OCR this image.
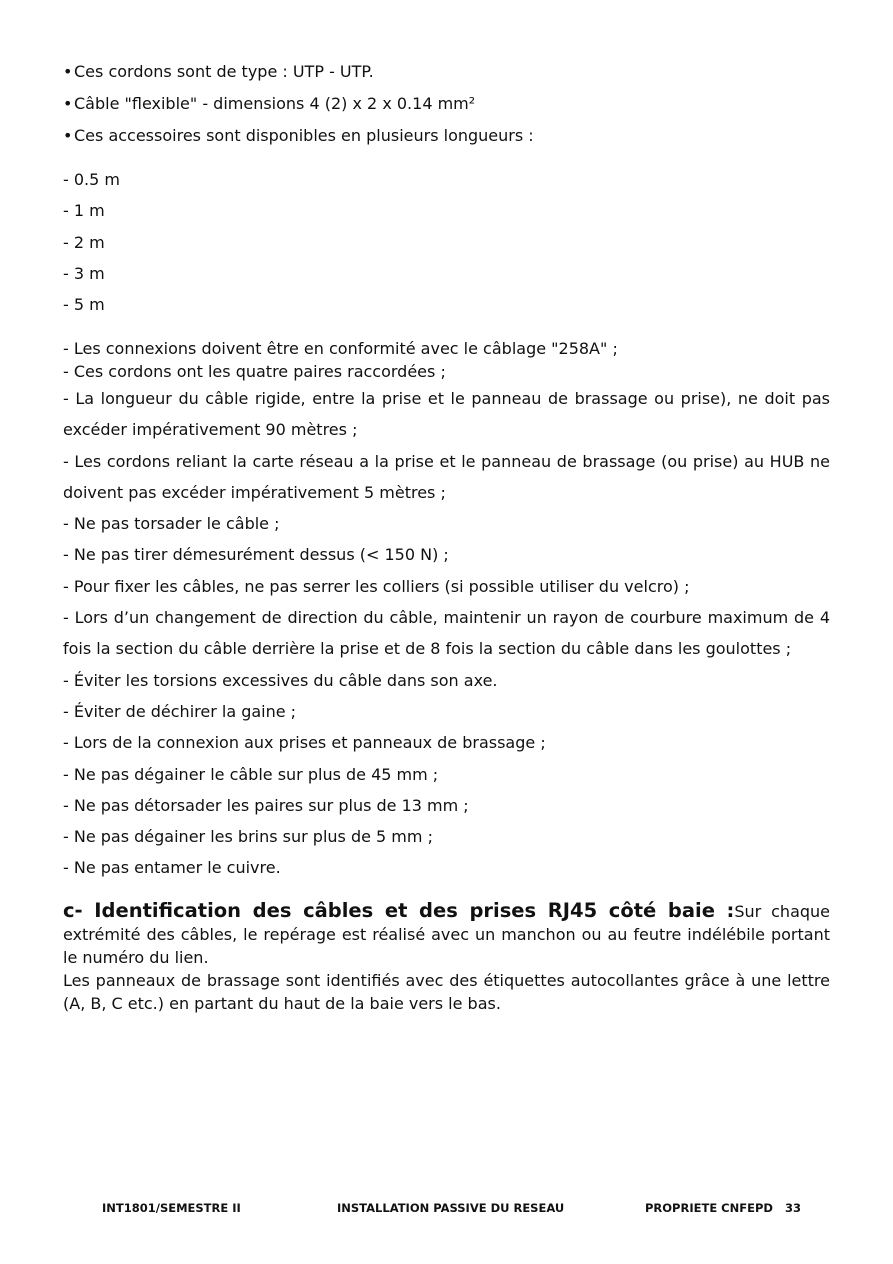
•Ces cordons sont de type : UTP - UTP.
•Câble "flexible" - dimensions 4 (2) x 2 x 0.14 mm²
•Ces accessoires sont disponibles en plusieurs longueurs :
- 0.5 m
- 1 m
- 2 m
- 3 m
- 5 m
- Les connexions doivent être en conformité avec le câblage "258A" ;
- Ces cordons ont les quatre paires raccordées ;
- La longueur du câble rigide, entre la prise et le panneau de brassage ou prise), ne doit pas excéder impérativement 90 mètres ;
- Les cordons reliant la carte réseau a la prise et le panneau de brassage (ou prise) au HUB ne doivent pas excéder impérativement 5 mètres ;
- Ne pas torsader le câble ;
- Ne pas tirer démesurément dessus (< 150 N) ;
- Pour fixer les câbles, ne pas serrer les colliers (si possible utiliser du velcro) ;
- Lors d’un changement de direction du câble, maintenir un rayon de courbure maximum de 4 fois la section du câble derrière la prise et de 8 fois la section du câble dans les goulottes ;
- Éviter les torsions excessives du câble dans son axe.
- Éviter de déchirer la gaine ;
- Lors de la connexion aux prises et panneaux de brassage ;
- Ne pas dégainer le câble sur plus de 45 mm ;
- Ne pas détorsader les paires sur plus de 13 mm ;
- Ne pas dégainer les brins sur plus de 5 mm ;
- Ne pas entamer le cuivre.
c- Identification des câbles et des prises RJ45 côté baie :Sur chaque extrémité des câbles, le repérage est réalisé avec un manchon ou au feutre indélébile portant le numéro du lien.
Les panneaux de brassage sont identifiés avec des étiquettes autocollantes grâce à une lettre (A, B, C etc.) en partant du haut de la baie vers le bas.
INT1801/SEMESTRE II	INSTALLATION PASSIVE DU RESEAU	PROPRIETE CNFEPD 33
